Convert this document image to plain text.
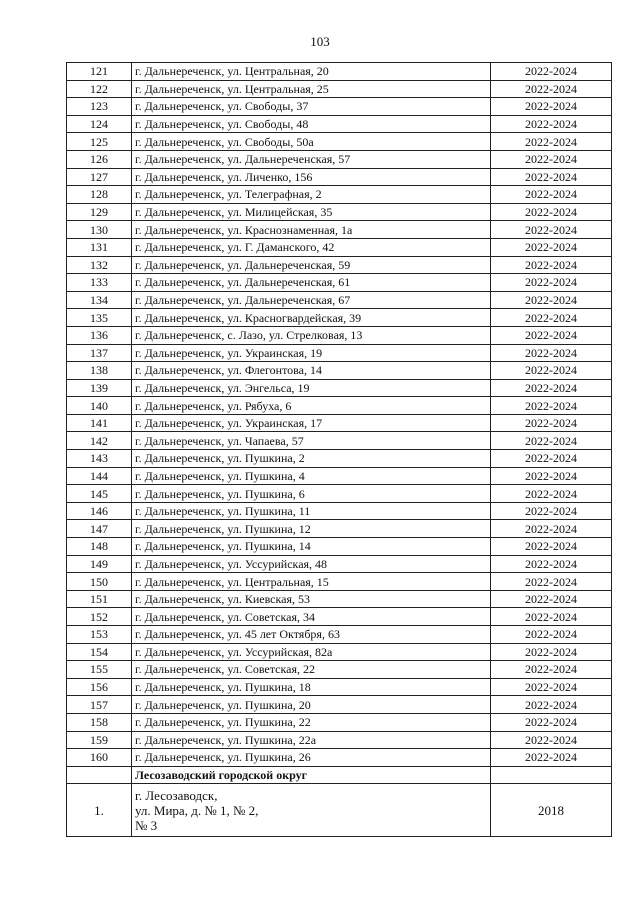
103
121	г. Дальнереченск, ул. Центральная, 20	2022-2024
122	г. Дальнереченск, ул. Центральная, 25	2022-2024
123	г. Дальнереченск, ул. Свободы, 37	2022-2024
124	г. Дальнереченск, ул. Свободы, 48	2022-2024
125	г. Дальнереченск, ул. Свободы, 50а	2022-2024
126	г. Дальнереченск, ул. Дальнереченская, 57	2022-2024
127	г. Дальнереченск, ул. Личенко, 156	2022-2024
128	г. Дальнереченск, ул. Телеграфная, 2	2022-2024
129	г. Дальнереченск, ул. Милицейская, 35	2022-2024
130	г. Дальнереченск, ул. Краснознаменная, 1а	2022-2024
131	г. Дальнереченск, ул. Г. Даманского, 42	2022-2024
132	г. Дальнереченск, ул. Дальнереченская, 59	2022-2024
133	г. Дальнереченск, ул. Дальнереченская, 61	2022-2024
134	г. Дальнереченск, ул. Дальнереченская, 67	2022-2024
135	г. Дальнереченск, ул. Красногвардейская, 39	2022-2024
136	г. Дальнереченск, с. Лазо, ул. Стрелковая, 13	2022-2024
137	г. Дальнереченск, ул. Украинская, 19	2022-2024
138	г. Дальнереченск, ул. Флегонтова, 14	2022-2024
139	г. Дальнереченск, ул. Энгельса, 19	2022-2024
140	г. Дальнереченск, ул. Рябуха, 6	2022-2024
141	г. Дальнереченск, ул. Украинская, 17	2022-2024
142	г. Дальнереченск, ул. Чапаева, 57	2022-2024
143	г. Дальнереченск, ул. Пушкина, 2	2022-2024
144	г. Дальнереченск, ул. Пушкина, 4	2022-2024
145	г. Дальнереченск, ул. Пушкина, 6	2022-2024
146	г. Дальнереченск, ул. Пушкина, 11	2022-2024
147	г. Дальнереченск, ул. Пушкина, 12	2022-2024
148	г. Дальнереченск, ул. Пушкина, 14	2022-2024
149	г. Дальнереченск, ул. Уссурийская, 48	2022-2024
150	г. Дальнереченск, ул. Центральная, 15	2022-2024
151	г. Дальнереченск, ул. Киевская, 53	2022-2024
152	г. Дальнереченск, ул. Советская, 34	2022-2024
153	г. Дальнереченск, ул. 45 лет Октября, 63	2022-2024
154	г. Дальнереченск, ул. Уссурийская, 82а	2022-2024
155	г. Дальнереченск, ул. Советская, 22	2022-2024
156	г. Дальнереченск, ул. Пушкина, 18	2022-2024
157	г. Дальнереченск, ул. Пушкина, 20	2022-2024
158	г. Дальнереченск, ул. Пушкина, 22	2022-2024
159	г. Дальнереченск, ул. Пушкина, 22а	2022-2024
160	г. Дальнереченск, ул. Пушкина, 26	2022-2024
	Лесозаводский городской округ	
1.	г. Лесозаводск,
ул. Мира, д. № 1, № 2,
№ 3	2018
